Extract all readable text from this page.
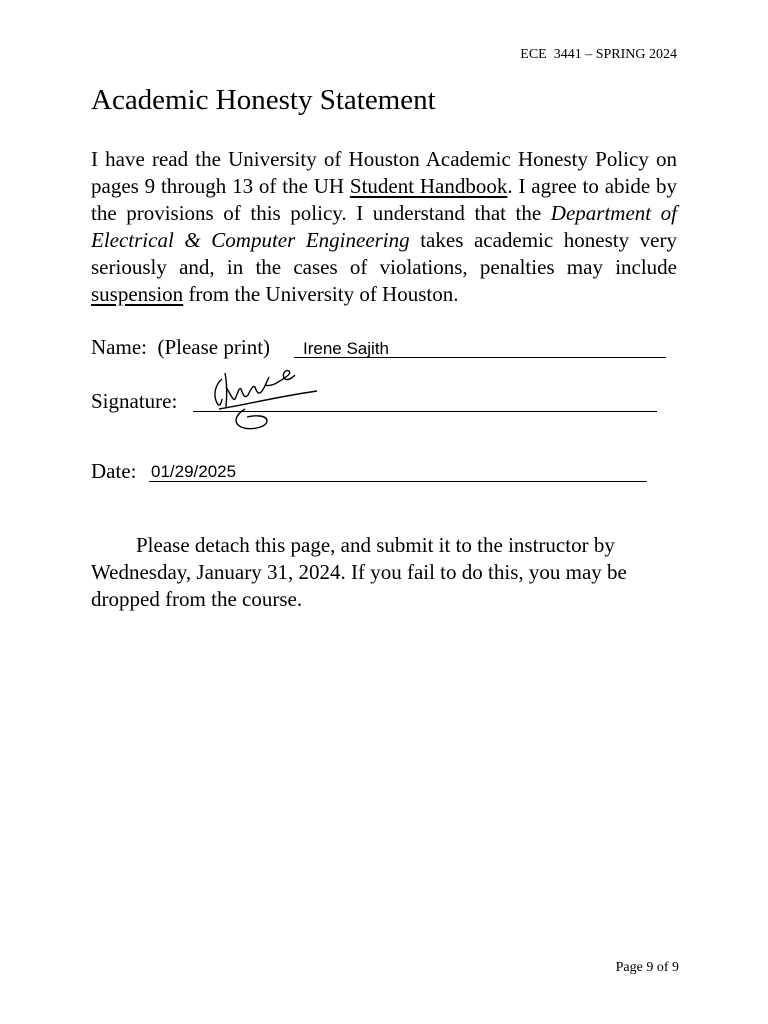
ECE  3441 – SPRING 2024
Academic Honesty Statement

I have read the University of Houston Academic Honesty Policy on pages 9 through 13 of the UH Student Handbook. I agree to abide by the provisions of this policy. I understand that the Department of Electrical & Computer Engineering takes academic honesty very seriously and, in the cases of violations, penalties may include suspension from the University of Houston.

Name:  (Please print) Irene Sajith
Signature:
Date: 01/29/2025

Please detach this page, and submit it to the instructor by Wednesday, January 31, 2024. If you fail to do this, you may be dropped from the course.

Page 9 of 9
